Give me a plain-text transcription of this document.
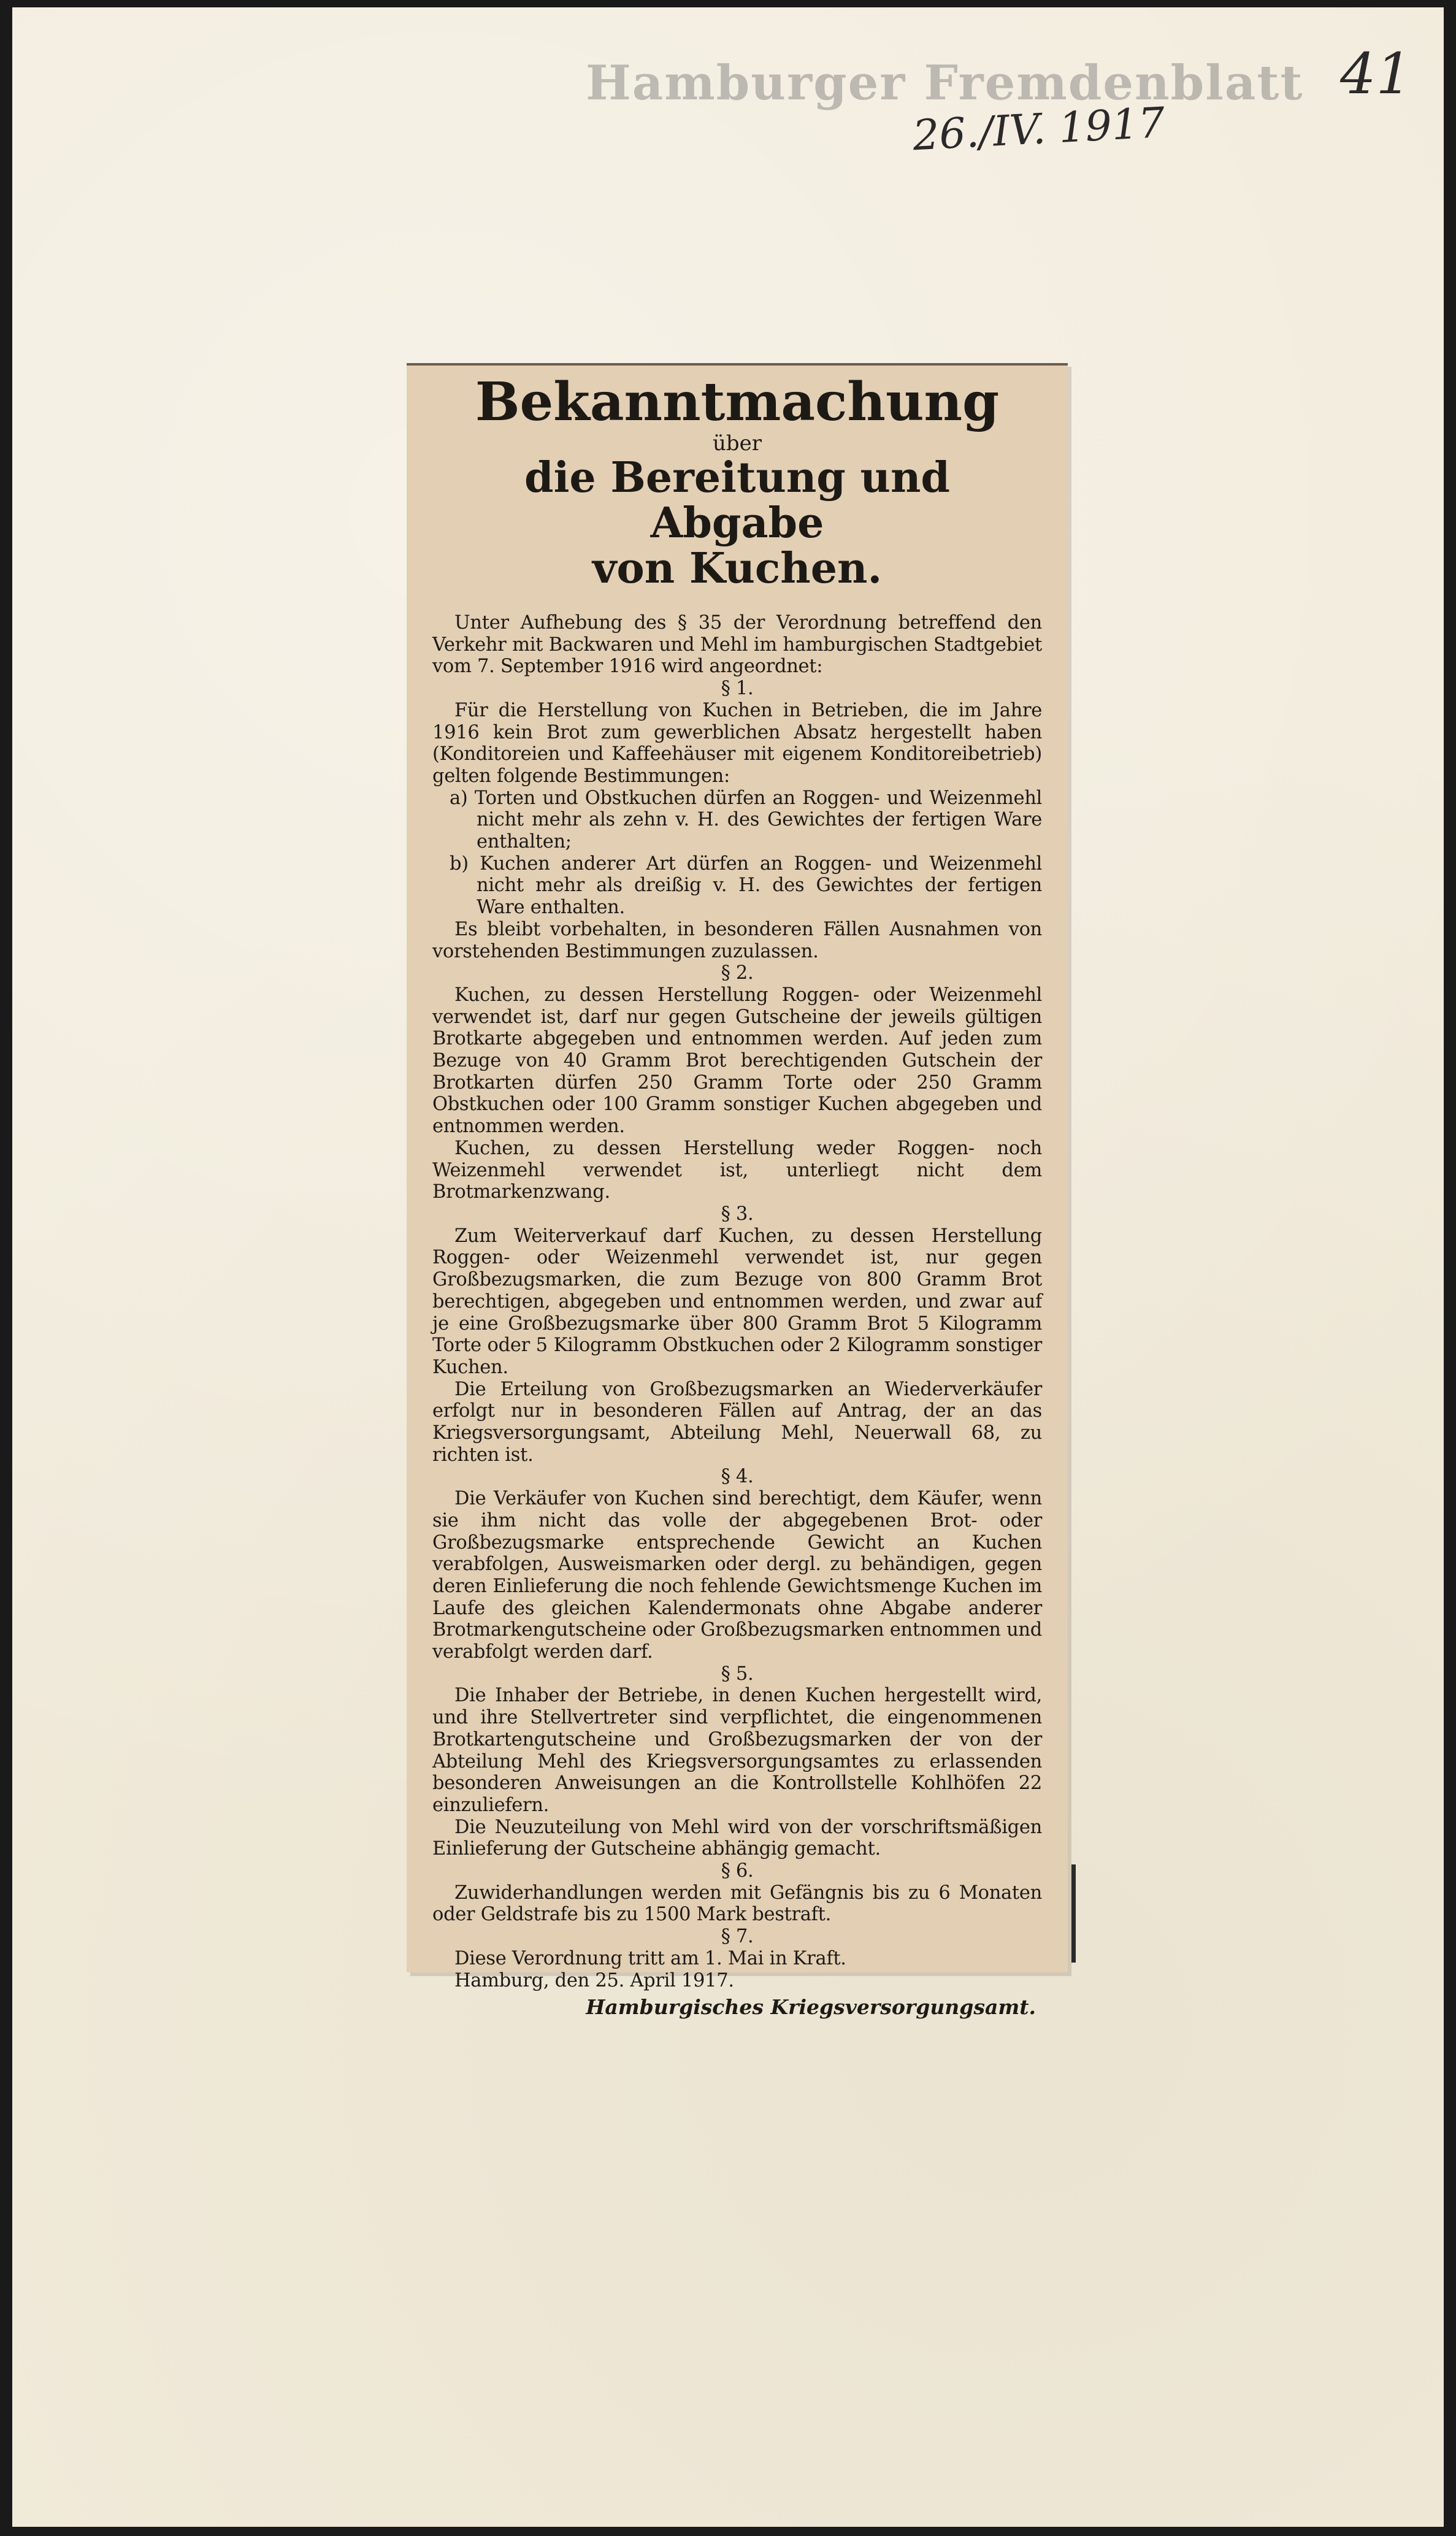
Hamburger Fremdenblatt
26./IV. 1917
41
Bekanntmachung
über
die Bereitung und Abgabe
von Kuchen.

Unter Aufhebung des § 35 der Verordnung betreffend den Verkehr mit Backwaren und Mehl im hamburgischen Stadtgebiet vom 7. September 1916 wird angeordnet:

§ 1.

Für die Herstellung von Kuchen in Betrieben, die im Jahre 1916 kein Brot zum gewerblichen Absatz hergestellt haben (Konditoreien und Kaffeehäuser mit eigenem Konditoreibetrieb) gelten folgende Bestimmungen:

a) Torten und Obstkuchen dürfen an Roggen- und Weizenmehl nicht mehr als zehn v. H. des Gewichtes der fertigen Ware enthalten;

b) Kuchen anderer Art dürfen an Roggen- und Weizenmehl nicht mehr als dreißig v. H. des Gewichtes der fertigen Ware enthalten.

Es bleibt vorbehalten, in besonderen Fällen Ausnahmen von vorstehenden Bestimmungen zuzulassen.

§ 2.

Kuchen, zu dessen Herstellung Roggen- oder Weizenmehl verwendet ist, darf nur gegen Gutscheine der jeweils gültigen Brotkarte abgegeben und entnommen werden. Auf jeden zum Bezuge von 40 Gramm Brot berechtigenden Gutschein der Brotkarten dürfen 250 Gramm Torte oder 250 Gramm Obstkuchen oder 100 Gramm sonstiger Kuchen abgegeben und entnommen werden.

Kuchen, zu dessen Herstellung weder Roggen- noch Weizenmehl verwendet ist, unterliegt nicht dem Brotmarkenzwang.

§ 3.

Zum Weiterverkauf darf Kuchen, zu dessen Herstellung Roggen- oder Weizenmehl verwendet ist, nur gegen Großbezugsmarken, die zum Bezuge von 800 Gramm Brot berechtigen, abgegeben und entnommen werden, und zwar auf je eine Großbezugsmarke über 800 Gramm Brot 5 Kilogramm Torte oder 5 Kilogramm Obstkuchen oder 2 Kilogramm sonstiger Kuchen.

Die Erteilung von Großbezugsmarken an Wiederverkäufer erfolgt nur in besonderen Fällen auf Antrag, der an das Kriegsversorgungsamt, Abteilung Mehl, Neuerwall 68, zu richten ist.

§ 4.

Die Verkäufer von Kuchen sind berechtigt, dem Käufer, wenn sie ihm nicht das volle der abgegebenen Brot- oder Großbezugsmarke entsprechende Gewicht an Kuchen verabfolgen, Ausweismarken oder dergl. zu behändigen, gegen deren Einlieferung die noch fehlende Gewichtsmenge Kuchen im Laufe des gleichen Kalendermonats ohne Abgabe anderer Brotmarkengutscheine oder Großbezugsmarken entnommen und verabfolgt werden darf.

§ 5.

Die Inhaber der Betriebe, in denen Kuchen hergestellt wird, und ihre Stellvertreter sind verpflichtet, die eingenommenen Brotkartengutscheine und Großbezugsmarken der von der Abteilung Mehl des Kriegsversorgungsamtes zu erlassenden besonderen Anweisungen an die Kontrollstelle Kohlhöfen 22 einzuliefern.

Die Neuzuteilung von Mehl wird von der vorschriftsmäßigen Einlieferung der Gutscheine abhängig gemacht.

§ 6.

Zuwiderhandlungen werden mit Gefängnis bis zu 6 Monaten oder Geldstrafe bis zu 1500 Mark bestraft.

§ 7.

Diese Verordnung tritt am 1. Mai in Kraft.

Hamburg, den 25. April 1917.

Hamburgisches Kriegsversorgungsamt.
